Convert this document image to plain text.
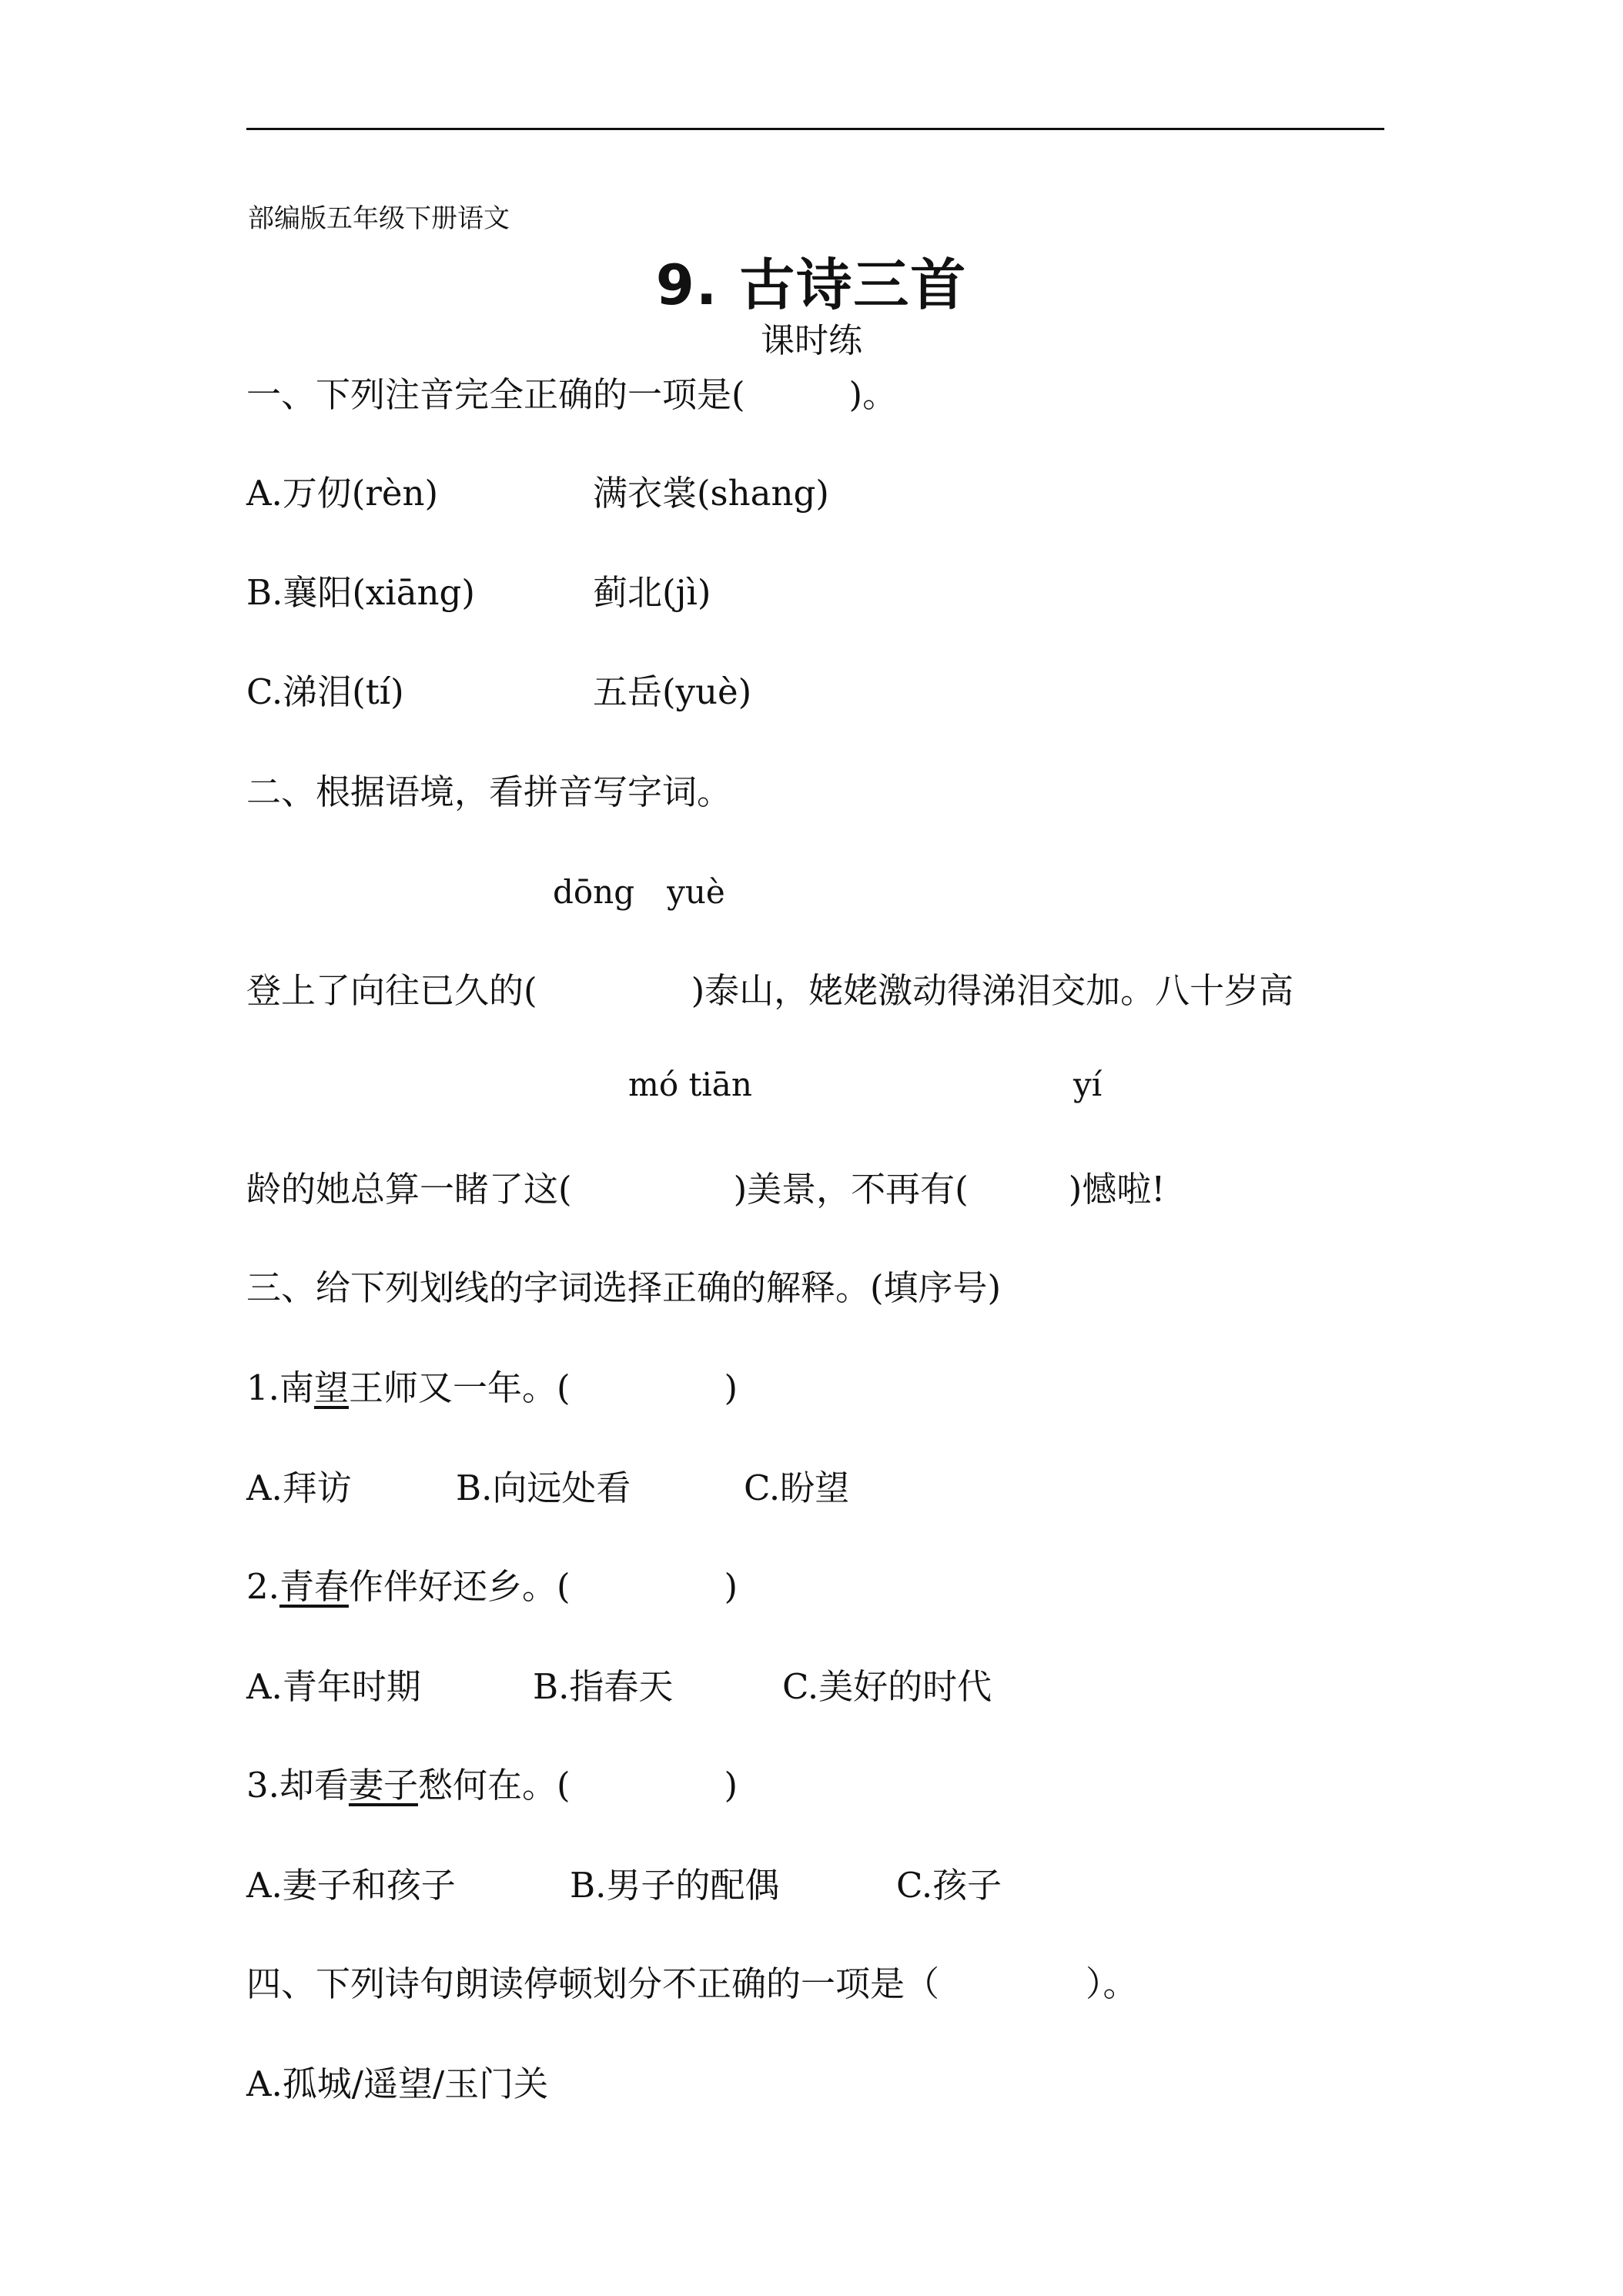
部编版五年级下册语文
9. 古诗三首
课时练
一、下列注音完全正确的一项是(　　　)。
A.万仞(rèn)	满衣裳(shang)
B.襄阳(xiāng)	蓟北(jì)
C.涕泪(tí)	五岳(yuè)
二、根据语境，看拼音写字词。
dōng　yuè
登上了向往已久的(	)泰山，姥姥激动得涕泪交加。八十岁高
mó tiān	yí
龄的她总算一睹了这(	)美景，不再有(	)憾啦!
三、给下列划线的字词选择正确的解释。(填序号)
1.南望王师又一年。(	)
A.拜访	B.向远处看	C.盼望
2.青春作伴好还乡。(	)
A.青年时期	B.指春天	C.美好的时代
3.却看妻子愁何在。(	)
A.妻子和孩子	B.男子的配偶	C.孩子
四、下列诗句朗读停顿划分不正确的一项是（	）。
A.孤城/遥望/玉门关
